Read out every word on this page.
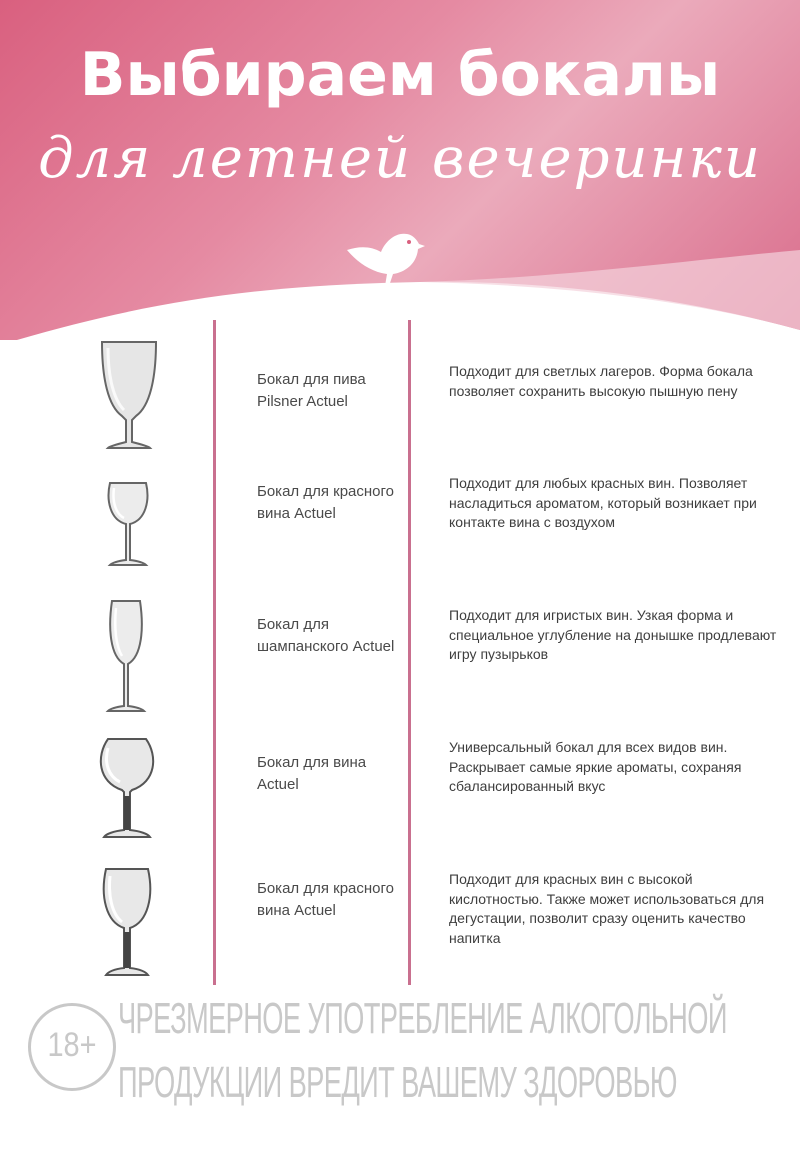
Выбираем бокалы
для летней вечеринки
Бокал для пива Pilsner Actuel
Подходит для светлых лагеров. Форма бокала позволяет сохранить высокую пышную пену
Бокал для красного вина Actuel
Подходит для любых красных вин. Позволяет насладиться ароматом, который возникает при контакте вина с воздухом
Бокал для шампанского Actuel
Подходит для игристых вин. Узкая форма и специальное углубление на донышке продлевают игру пузырьков
Бокал для вина Actuel
Универсальный бокал для всех видов вин. Раскрывает самые яркие ароматы, сохраняя сбалансированный вкус
Бокал для красного вина Actuel
Подходит для красных вин с высокой кислотностью. Также может использоваться для дегустации, позволит сразу оценить качество напитка
18+
ЧРЕЗМЕРНОЕ УПОТРЕБЛЕНИЕ АЛКОГОЛЬНОЙ
ПРОДУКЦИИ ВРЕДИТ ВАШЕМУ ЗДОРОВЬЮ
